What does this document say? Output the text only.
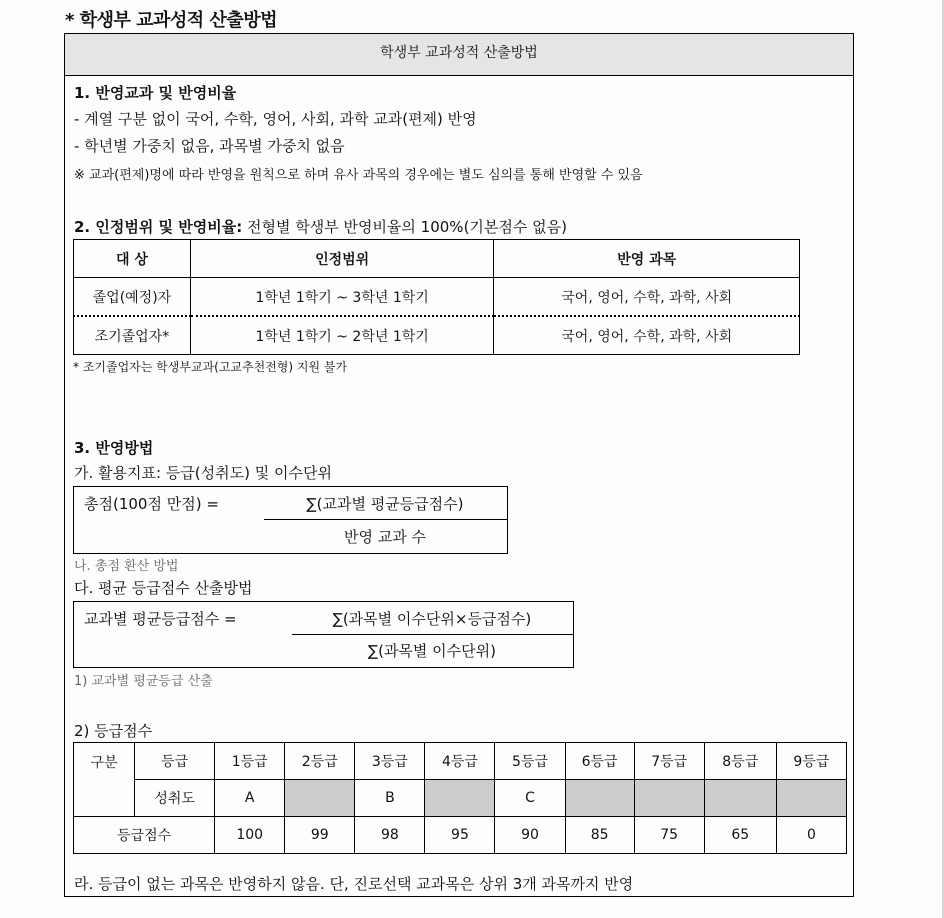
* 학생부 교과성적 산출방법
학생부 교과성적 산출방법
1. 반영교과 및 반영비율
- 계열 구분 없이 국어, 수학, 영어, 사회, 과학 교과(편제) 반영
- 학년별 가중치 없음, 과목별 가중치 없음
※ 교과(편제)명에 따라 반영을 원칙으로 하며 유사 과목의 경우에는 별도 심의를 통해 반영할 수 있음
2. 인정범위 및 반영비율: 전형별 학생부 반영비율의 100%(기본점수 없음)
대 상	인정범위	반영 과목
졸업(예정)자	1학년 1학기 ~ 3학년 1학기	국어, 영어, 수학, 과학, 사회
조기졸업자*	1학년 1학기 ~ 2학년 1학기	국어, 영어, 수학, 과학, 사회
* 조기졸업자는 학생부교과(고교추천전형) 지원 불가
3. 반영방법
가. 활용지표: 등급(성취도) 및 이수단위
총점(100점 만점) =	∑(교과별 평균등급점수)
반영 교과 수
나. 총점 환산 방법
다. 평균 등급점수 산출방법
교과별 평균등급점수 =	∑(과목별 이수단위×등급점수)
∑(과목별 이수단위)
1) 교과별 평균등급 산출
2) 등급점수
구분	등급	1등급	2등급	3등급	4등급	5등급	6등급	7등급	8등급	9등급
	성취도	A		B		C				
등급점수		100	99	98	95	90	85	75	65	0
라. 등급이 없는 과목은 반영하지 않음. 단, 진로선택 교과목은 상위 3개 과목까지 반영
